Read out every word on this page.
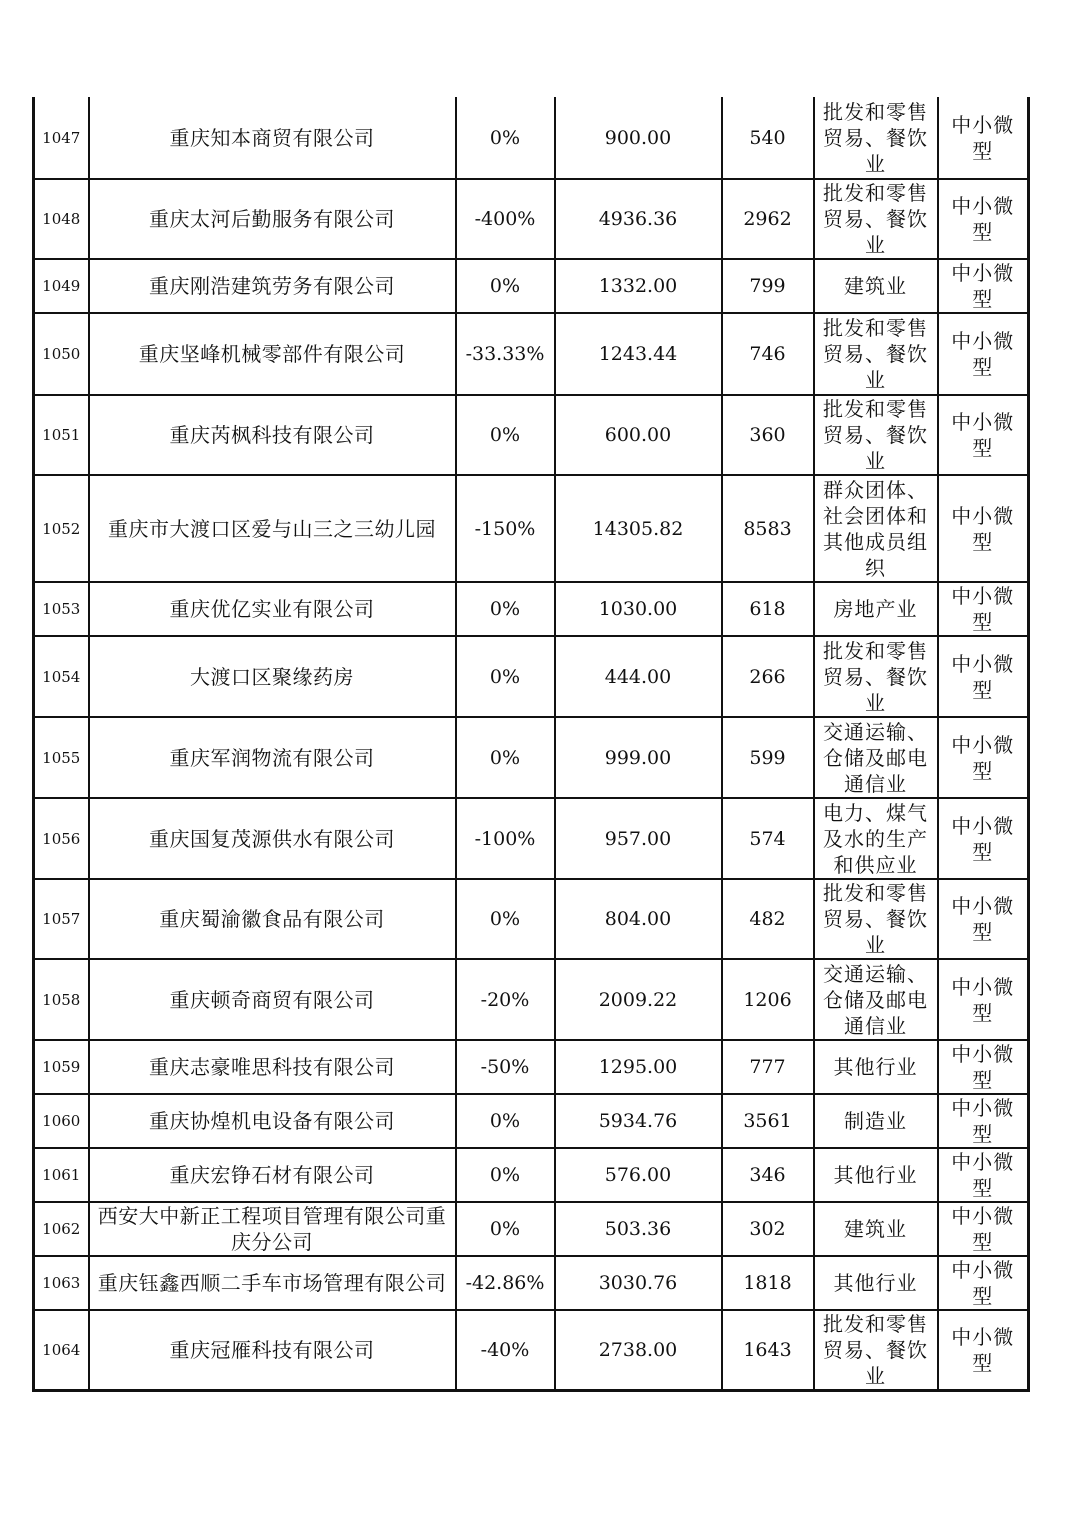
1047	重庆知本商贸有限公司	0%	900.00	540	批发和零售贸易、餐饮业	中小微型
1048	重庆太河后勤服务有限公司	-400%	4936.36	2962	批发和零售贸易、餐饮业	中小微型
1049	重庆刚浩建筑劳务有限公司	0%	1332.00	799	建筑业	中小微型
1050	重庆坚峰机械零部件有限公司	-33.33%	1243.44	746	批发和零售贸易、餐饮业	中小微型
1051	重庆芮枫科技有限公司	0%	600.00	360	批发和零售贸易、餐饮业	中小微型
1052	重庆市大渡口区爱与山三之三幼儿园	-150%	14305.82	8583	群众团体、社会团体和其他成员组织	中小微型
1053	重庆优亿实业有限公司	0%	1030.00	618	房地产业	中小微型
1054	大渡口区聚缘药房	0%	444.00	266	批发和零售贸易、餐饮业	中小微型
1055	重庆军润物流有限公司	0%	999.00	599	交通运输、仓储及邮电通信业	中小微型
1056	重庆国复茂源供水有限公司	-100%	957.00	574	电力、煤气及水的生产和供应业	中小微型
1057	重庆蜀渝徽食品有限公司	0%	804.00	482	批发和零售贸易、餐饮业	中小微型
1058	重庆顿奇商贸有限公司	-20%	2009.22	1206	交通运输、仓储及邮电通信业	中小微型
1059	重庆志豪唯思科技有限公司	-50%	1295.00	777	其他行业	中小微型
1060	重庆协煌机电设备有限公司	0%	5934.76	3561	制造业	中小微型
1061	重庆宏铮石材有限公司	0%	576.00	346	其他行业	中小微型
1062	西安大中新正工程项目管理有限公司重庆分公司	0%	503.36	302	建筑业	中小微型
1063	重庆钰鑫西顺二手车市场管理有限公司	-42.86%	3030.76	1818	其他行业	中小微型
1064	重庆冠雁科技有限公司	-40%	2738.00	1643	批发和零售贸易、餐饮业	中小微型
